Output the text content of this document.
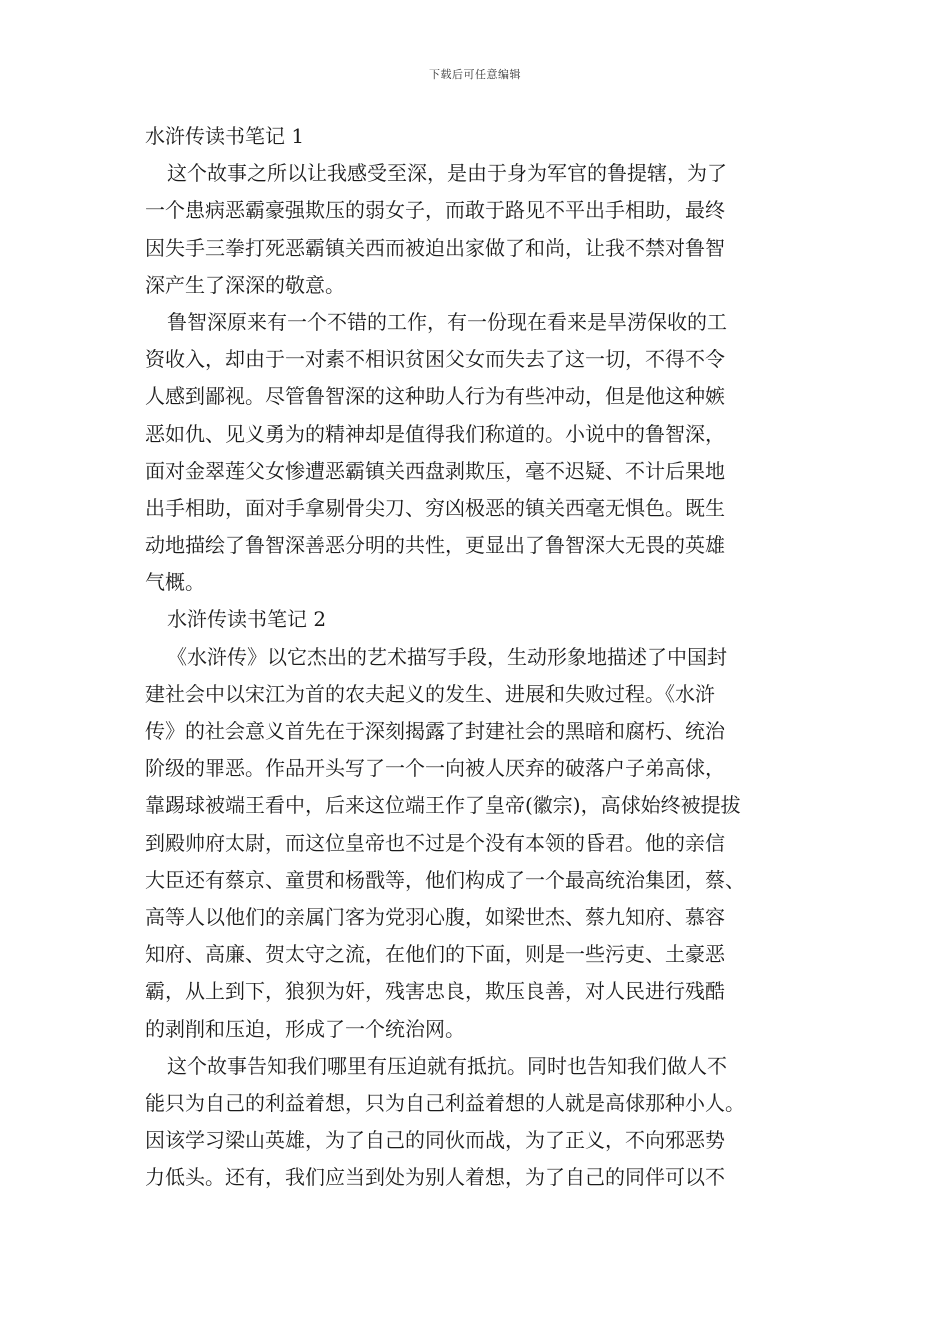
下载后可任意编辑
水浒传读书笔记 1
这个故事之所以让我感受至深，是由于身为军官的鲁提辖，为了
一个患病恶霸豪强欺压的弱女子，而敢于路见不平出手相助，最终
因失手三拳打死恶霸镇关西而被迫出家做了和尚，让我不禁对鲁智
深产生了深深的敬意。
鲁智深原来有一个不错的工作，有一份现在看来是旱涝保收的工
资收入，却由于一对素不相识贫困父女而失去了这一切，不得不令
人感到鄙视。尽管鲁智深的这种助人行为有些冲动，但是他这种嫉
恶如仇、见义勇为的精神却是值得我们称道的。小说中的鲁智深，
面对金翠莲父女惨遭恶霸镇关西盘剥欺压，毫不迟疑、不计后果地
出手相助，面对手拿剔骨尖刀、穷凶极恶的镇关西毫无惧色。既生
动地描绘了鲁智深善恶分明的共性，更显出了鲁智深大无畏的英雄
气概。
水浒传读书笔记 2
《水浒传》以它杰出的艺术描写手段，生动形象地描述了中国封
建社会中以宋江为首的农夫起义的发生、进展和失败过程。《水浒
传》的社会意义首先在于深刻揭露了封建社会的黑暗和腐朽、统治
阶级的罪恶。作品开头写了一个一向被人厌弃的破落户子弟高俅，
靠踢球被端王看中，后来这位端王作了皇帝(徽宗)，高俅始终被提拔
到殿帅府太尉，而这位皇帝也不过是个没有本领的昏君。他的亲信
大臣还有蔡京、童贯和杨戬等，他们构成了一个最高统治集团，蔡、
高等人以他们的亲属门客为党羽心腹，如梁世杰、蔡九知府、慕容
知府、高廉、贺太守之流，在他们的下面，则是一些污吏、土豪恶
霸，从上到下，狼狈为奸，残害忠良，欺压良善，对人民进行残酷
的剥削和压迫，形成了一个统治网。
这个故事告知我们哪里有压迫就有抵抗。同时也告知我们做人不
能只为自己的利益着想，只为自己利益着想的人就是高俅那种小人。
因该学习梁山英雄，为了自己的同伙而战，为了正义，不向邪恶势
力低头。还有，我们应当到处为别人着想，为了自己的同伴可以不
